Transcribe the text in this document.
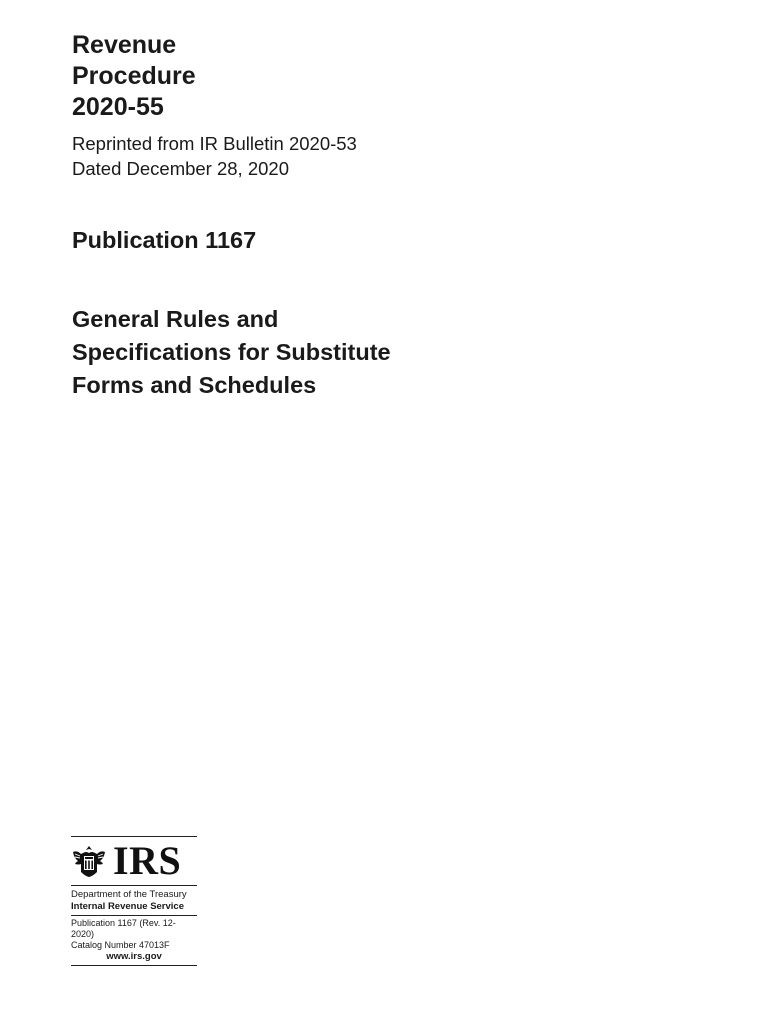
Revenue
Procedure
2020-55
Reprinted from IR Bulletin 2020-53
Dated December 28, 2020
Publication 1167
General Rules and
Specifications for Substitute
Forms and Schedules
IRS
Department of the Treasury
Internal Revenue Service
Publication 1167 (Rev. 12-2020)
Catalog Number 47013F
www.irs.gov
